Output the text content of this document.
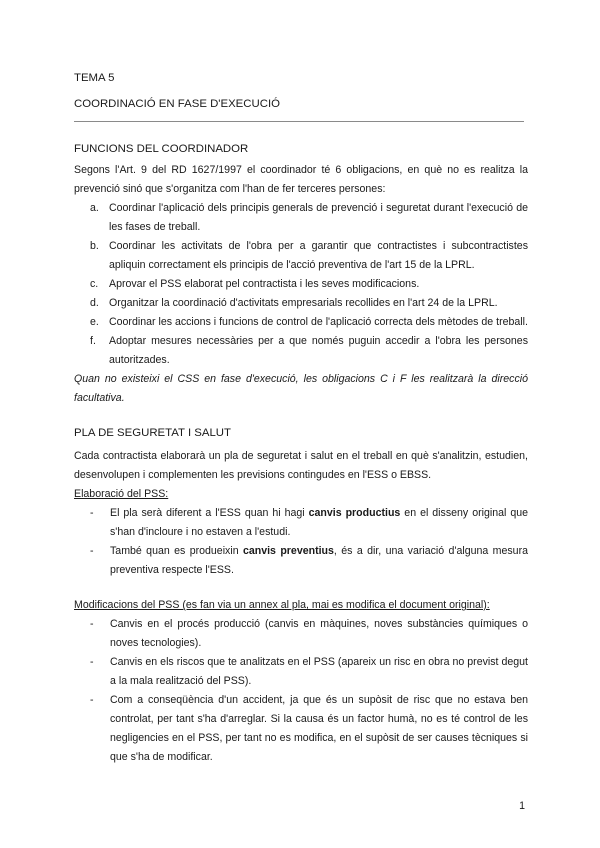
TEMA 5
COORDINACIÓ EN FASE D'EXECUCIÓ
FUNCIONS DEL COORDINADOR

Segons l'Art. 9 del RD 1627/1997 el coordinador té 6 obligacions, en què no es realitza la prevenció sinó que s'organitza com l'han de fer terceres persones:

a. Coordinar l'aplicació dels principis generals de prevenció i seguretat durant l'execució de les fases de treball.
b. Coordinar les activitats de l'obra per a garantir que contractistes i subcontractistes apliquin correctament els principis de l'acció preventiva de l'art 15 de la LPRL.
c. Aprovar el PSS elaborat pel contractista i les seves modificacions.
d. Organitzar la coordinació d'activitats empresarials recollides en l'art 24 de la LPRL.
e. Coordinar les accions i funcions de control de l'aplicació correcta dels mètodes de treball.
f. Adoptar mesures necessàries per a que només puguin accedir a l'obra les persones autoritzades.

Quan no existeixi el CSS en fase d'execució, les obligacions C i F les realitzarà la direcció facultativa.

PLA DE SEGURETAT I SALUT

Cada contractista elaborarà un pla de seguretat i salut en el treball en què s'analitzin, estudien, desenvolupen i complementen les previsions contingudes en l'ESS o EBSS.

Elaboració del PSS:
- El pla serà diferent a l'ESS quan hi hagi canvis productius en el disseny original que s'han d'incloure i no estaven a l'estudi.
- També quan es produeixin canvis preventius, és a dir, una variació d'alguna mesura preventiva respecte l'ESS.
Modificacions del PSS (es fan via un annex al pla, mai es modifica el document original):
- Canvis en el procés producció (canvis en màquines, noves substàncies químiques o noves tecnologies).
- Canvis en els riscos que te analitzats en el PSS (apareix un risc en obra no previst degut a la mala realització del PSS).
- Com a conseqüència d'un accident, ja que és un supòsit de risc que no estava ben controlat, per tant s'ha d'arreglar. Si la causa és un factor humà, no es té control de les negligencies en el PSS, per tant no es modifica, en el supòsit de ser causes tècniques si que s'ha de modificar.
1
